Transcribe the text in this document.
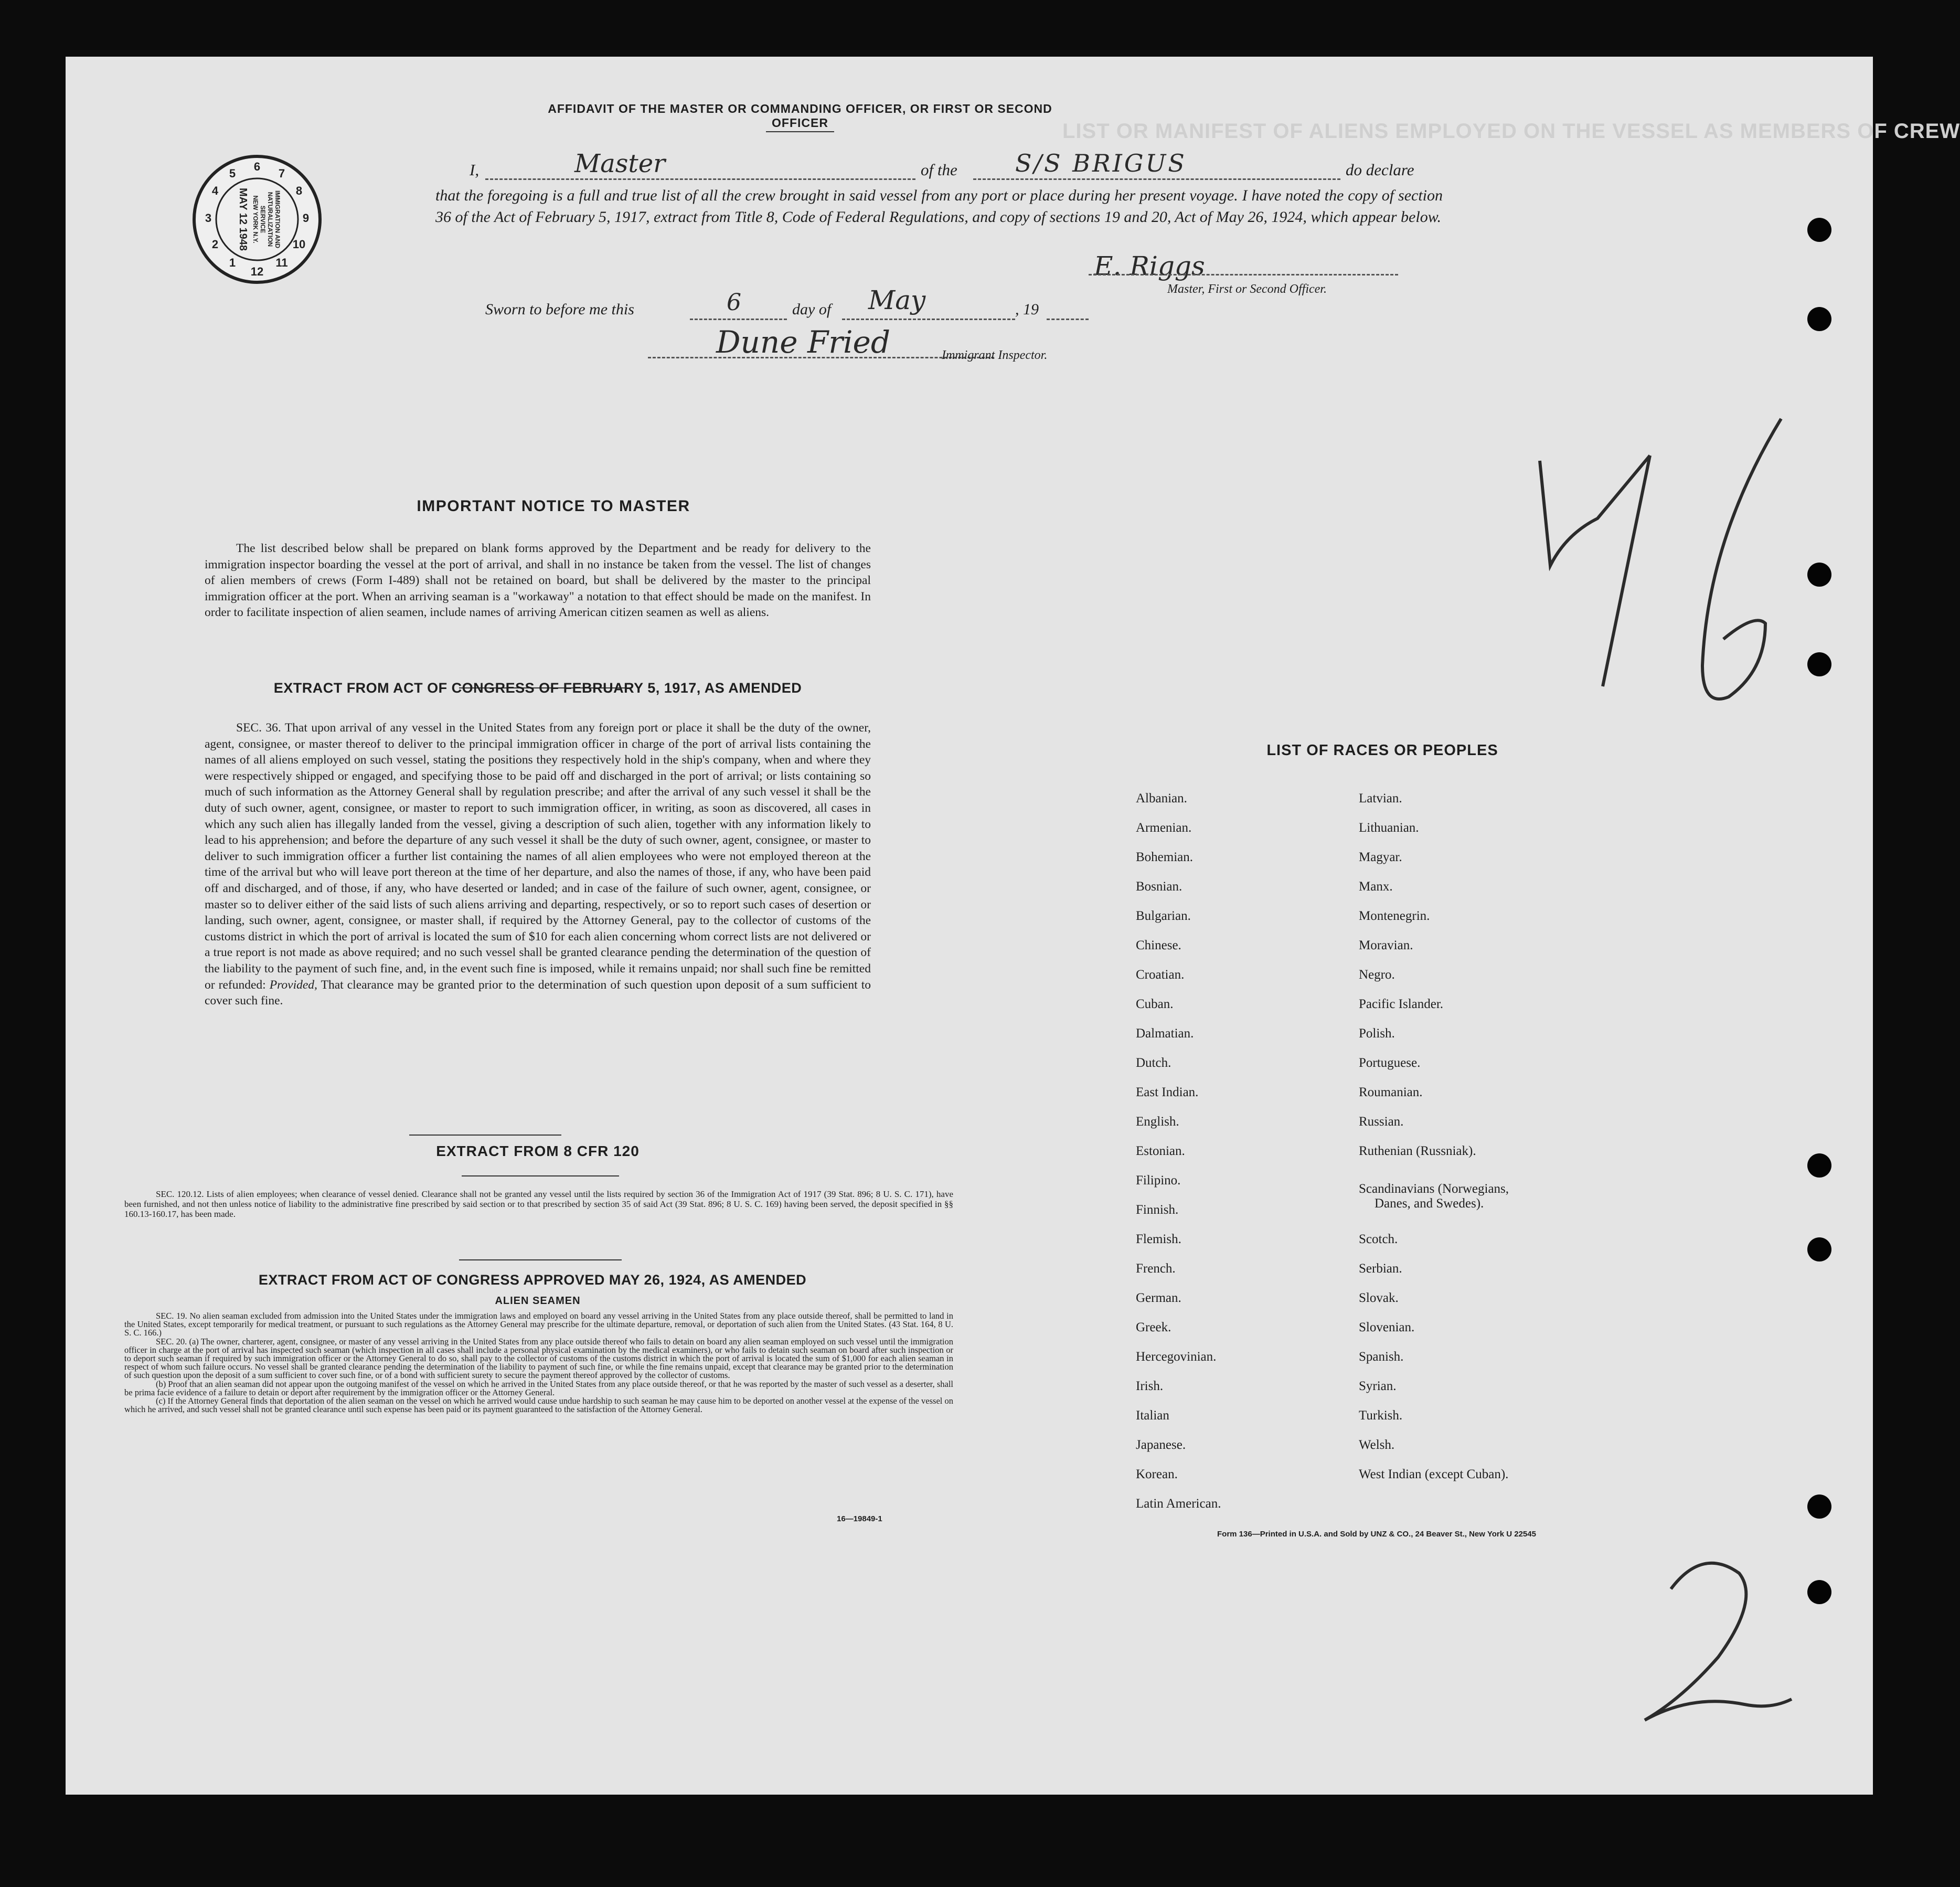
LIST OR MANIFEST OF ALIENS EMPLOYED ON THE VESSEL AS MEMBERS OF CREW
AFFIDAVIT OF THE MASTER OR COMMANDING OFFICER, OR FIRST OR SECOND OFFICER
6
7
8
9
10
11
12
1
2
3
4
5
IMMIGRATION AND
NATURALIZATION
SERVICE
NEW YORK N.Y.
MAY 12 1948
I,	Master	of the S/S BRIGUS	do declare
that the foregoing is a full and true list of all the crew brought in said vessel from any port or place during her present voyage. I have noted the copy of section 36 of the Act of February 5, 1917, extract from Title 8, Code of Federal Regulations, and copy of sections 19 and 20, Act of May 26, 1924, which appear below.
E. Riggs
Master, First or Second Officer.
Sworn to before me this	6	day of May	, 19
Dune Fried	Immigrant Inspector.
IMPORTANT NOTICE TO MASTER
The list described below shall be prepared on blank forms approved by the Department and be ready for delivery to the immigration inspector boarding the vessel at the port of arrival, and shall in no instance be taken from the vessel. The list of changes of alien members of crews (Form I-489) shall not be retained on board, but shall be delivered by the master to the principal immigration officer at the port. When an arriving seaman is a "workaway" a notation to that effect should be made on the manifest. In order to facilitate inspection of alien seamen, include names of arriving American citizen seamen as well as aliens.
EXTRACT FROM ACT OF CONGRESS OF FEBRUARY 5, 1917, AS AMENDED
SEC. 36. That upon arrival of any vessel in the United States from any foreign port or place it shall be the duty of the owner, agent, consignee, or master thereof to deliver to the principal immigration officer in charge of the port of arrival lists containing the names of all aliens employed on such vessel, stating the positions they respectively hold in the ship's company, when and where they were respectively shipped or engaged, and specifying those to be paid off and discharged in the port of arrival; or lists containing so much of such information as the Attorney General shall by regulation prescribe; and after the arrival of any such vessel it shall be the duty of such owner, agent, consignee, or master to report to such immigration officer, in writing, as soon as discovered, all cases in which any such alien has illegally landed from the vessel, giving a description of such alien, together with any information likely to lead to his apprehension; and before the departure of any such vessel it shall be the duty of such owner, agent, consignee, or master to deliver to such immigration officer a further list containing the names of all alien employees who were not employed thereon at the time of the arrival but who will leave port thereon at the time of her departure, and also the names of those, if any, who have been paid off and discharged, and of those, if any, who have deserted or landed; and in case of the failure of such owner, agent, consignee, or master so to deliver either of the said lists of such aliens arriving and departing, respectively, or so to report such cases of desertion or landing, such owner, agent, consignee, or master shall, if required by the Attorney General, pay to the collector of customs of the customs district in which the port of arrival is located the sum of $10 for each alien concerning whom correct lists are not delivered or a true report is not made as above required; and no such vessel shall be granted clearance pending the determination of the question of the liability to the payment of such fine, and, in the event such fine is imposed, while it remains unpaid; nor shall such fine be remitted or refunded: Provided, That clearance may be granted prior to the determination of such question upon deposit of a sum sufficient to cover such fine.
EXTRACT FROM 8 CFR 120
SEC. 120.12. Lists of alien employees; when clearance of vessel denied. Clearance shall not be granted any vessel until the lists required by section 36 of the Immigration Act of 1917 (39 Stat. 896; 8 U. S. C. 171), have been furnished, and not then unless notice of liability to the administrative fine prescribed by said section or to that prescribed by section 35 of said Act (39 Stat. 896; 8 U. S. C. 169) having been served, the deposit specified in §§ 160.13-160.17, has been made.
EXTRACT FROM ACT OF CONGRESS APPROVED MAY 26, 1924, AS AMENDED
ALIEN SEAMEN
SEC. 19. No alien seaman excluded from admission into the United States under the immigration laws and employed on board any vessel arriving in the United States from any place outside thereof, shall be permitted to land in the United States, except temporarily for medical treatment, or pursuant to such regulations as the Attorney General may prescribe for the ultimate departure, removal, or deportation of such alien from the United States. (43 Stat. 164, 8 U. S. C. 166.)
SEC. 20. (a) The owner, charterer, agent, consignee, or master of any vessel arriving in the United States from any place outside thereof who fails to detain on board any alien seaman employed on such vessel until the immigration officer in charge at the port of arrival has inspected such seaman (which inspection in all cases shall include a personal physical examination by the medical examiners), or who fails to detain such seaman on board after such inspection or to deport such seaman if required by such immigration officer or the Attorney General to do so, shall pay to the collector of customs of the customs district in which the port of arrival is located the sum of $1,000 for each alien seaman in respect of whom such failure occurs. No vessel shall be granted clearance pending the determination of the liability to payment of such fine, or while the fine remains unpaid, except that clearance may be granted prior to the determination of such question upon the deposit of a sum sufficient to cover such fine, or of a bond with sufficient surety to secure the payment thereof approved by the collector of customs.
(b) Proof that an alien seaman did not appear upon the outgoing manifest of the vessel on which he arrived in the United States from any place outside thereof, or that he was reported by the master of such vessel as a deserter, shall be prima facie evidence of a failure to detain or deport after requirement by the immigration officer or the Attorney General.
(c) If the Attorney General finds that deportation of the alien seaman on the vessel on which he arrived would cause undue hardship to such seaman he may cause him to be deported on another vessel at the expense of the vessel on which he arrived, and such vessel shall not be granted clearance until such expense has been paid or its payment guaranteed to the satisfaction of the Attorney General.
16—19849-1
LIST OF RACES OR PEOPLES
Albanian.
Armenian.
Bohemian.
Bosnian.
Bulgarian.
Chinese.
Croatian.
Cuban.
Dalmatian.
Dutch.
East Indian.
English.
Estonian.
Filipino.
Finnish.
Flemish.
French.
German.
Greek.
Hercegovinian.
Irish.
Italian
Japanese.
Korean.
Latin American.
Latvian.
Lithuanian.
Magyar.
Manx.
Montenegrin.
Moravian.
Negro.
Pacific Islander.
Polish.
Portuguese.
Roumanian.
Russian.
Ruthenian (Russniak).
Scandinavians (Norwegians,
Danes, and Swedes).
Scotch.
Serbian.
Slovak.
Slovenian.
Spanish.
Syrian.
Turkish.
Welsh.
West Indian (except Cuban).
Form 136—Printed in U.S.A. and Sold by UNZ & CO., 24 Beaver St., New York U 22545
